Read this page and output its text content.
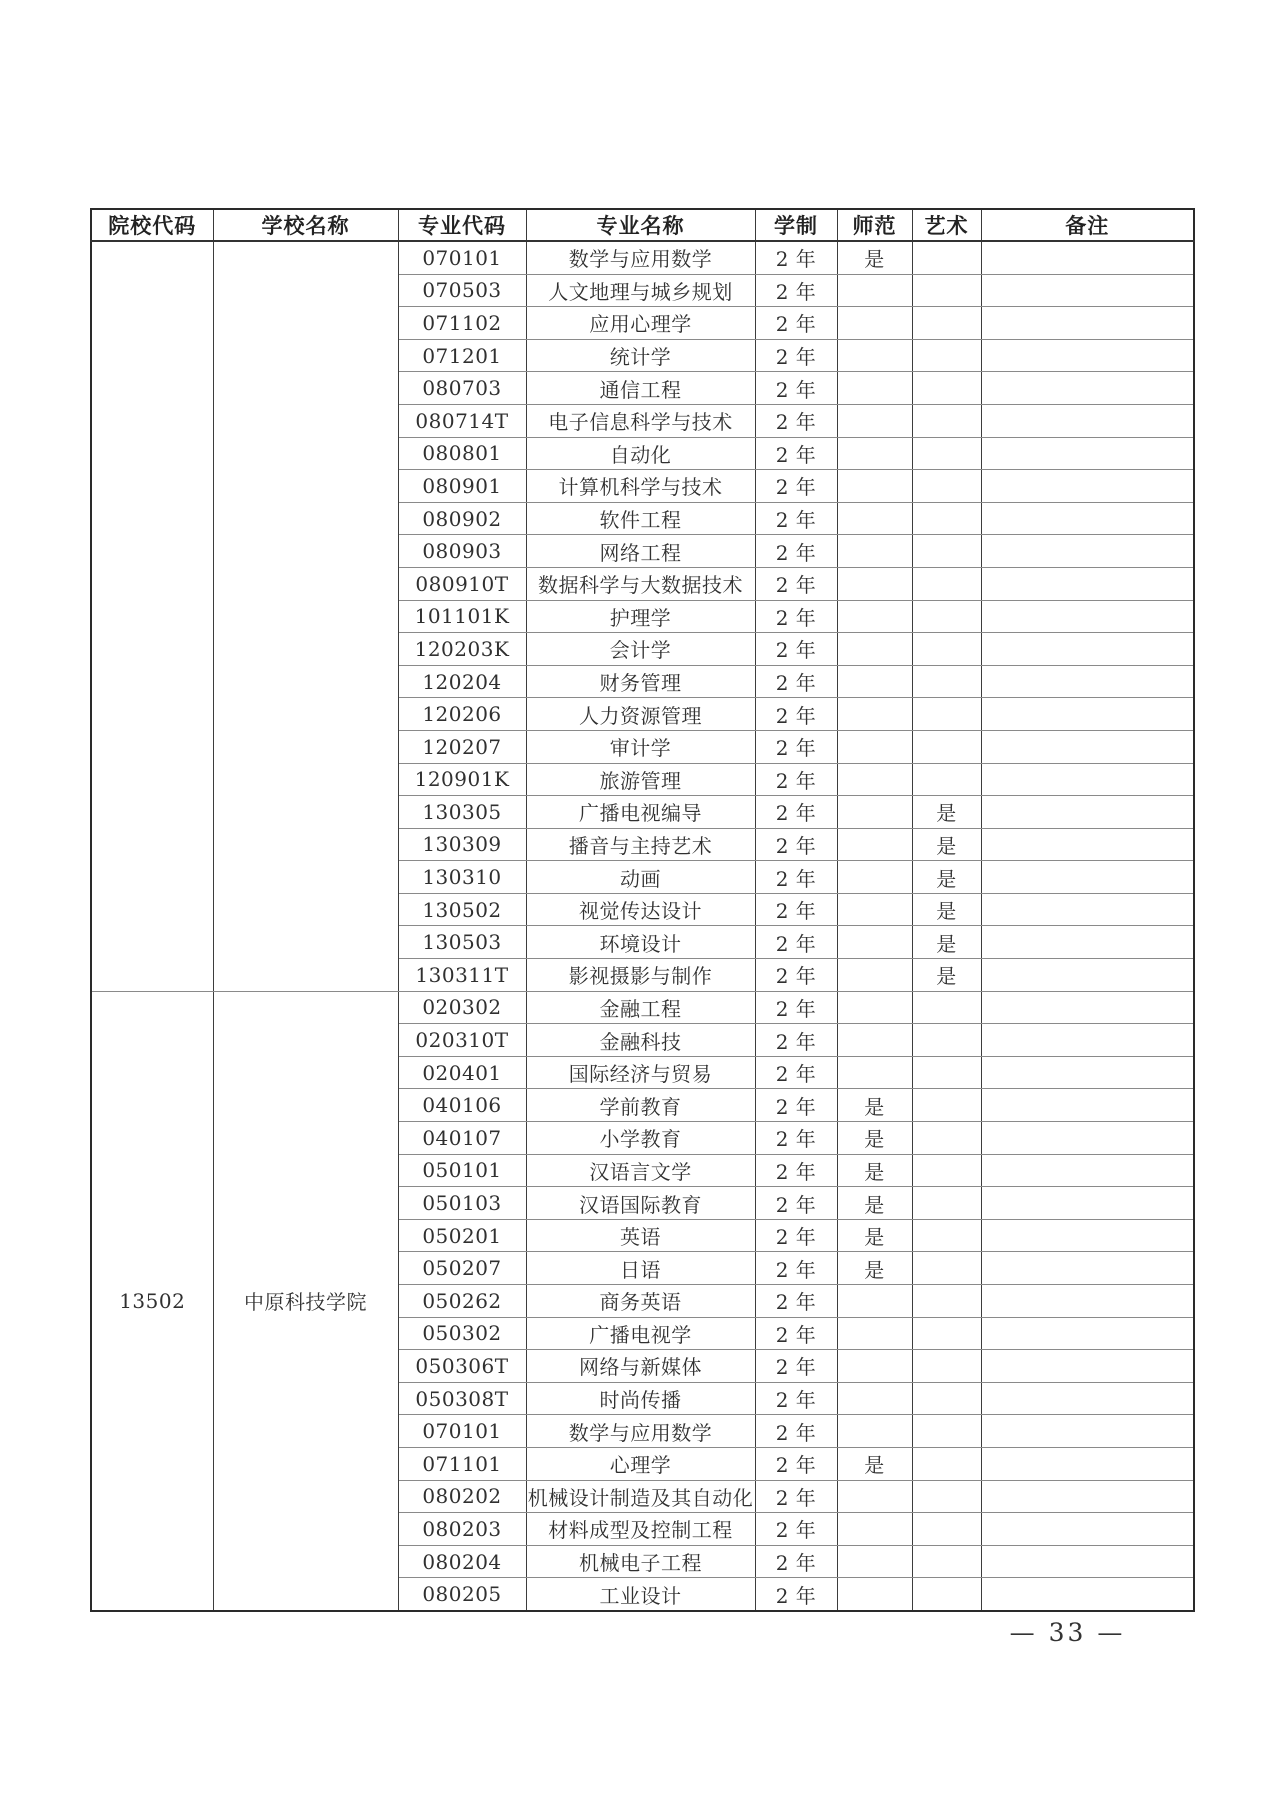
院校代码	学校名称	专业代码	专业名称	学制	师范	艺术	备注
		070101	数学与应用数学	2 年	是		
		070503	人文地理与城乡规划	2 年			
		071102	应用心理学	2 年			
		071201	统计学	2 年			
		080703	通信工程	2 年			
		080714T	电子信息科学与技术	2 年			
		080801	自动化	2 年			
		080901	计算机科学与技术	2 年			
		080902	软件工程	2 年			
		080903	网络工程	2 年			
		080910T	数据科学与大数据技术	2 年			
		101101K	护理学	2 年			
		120203K	会计学	2 年			
		120204	财务管理	2 年			
		120206	人力资源管理	2 年			
		120207	审计学	2 年			
		120901K	旅游管理	2 年			
		130305	广播电视编导	2 年		是	
		130309	播音与主持艺术	2 年		是	
		130310	动画	2 年		是	
		130502	视觉传达设计	2 年		是	
		130503	环境设计	2 年		是	
		130311T	影视摄影与制作	2 年		是	
13502	中原科技学院	020302	金融工程	2 年			
		020310T	金融科技	2 年			
		020401	国际经济与贸易	2 年			
		040106	学前教育	2 年	是		
		040107	小学教育	2 年	是		
		050101	汉语言文学	2 年	是		
		050103	汉语国际教育	2 年	是		
		050201	英语	2 年	是		
		050207	日语	2 年	是		
		050262	商务英语	2 年			
		050302	广播电视学	2 年			
		050306T	网络与新媒体	2 年			
		050308T	时尚传播	2 年			
		070101	数学与应用数学	2 年			
		071101	心理学	2 年	是		
		080202	机械设计制造及其自动化	2 年			
		080203	材料成型及控制工程	2 年			
		080204	机械电子工程	2 年			
		080205	工业设计	2 年			
— 33 —
